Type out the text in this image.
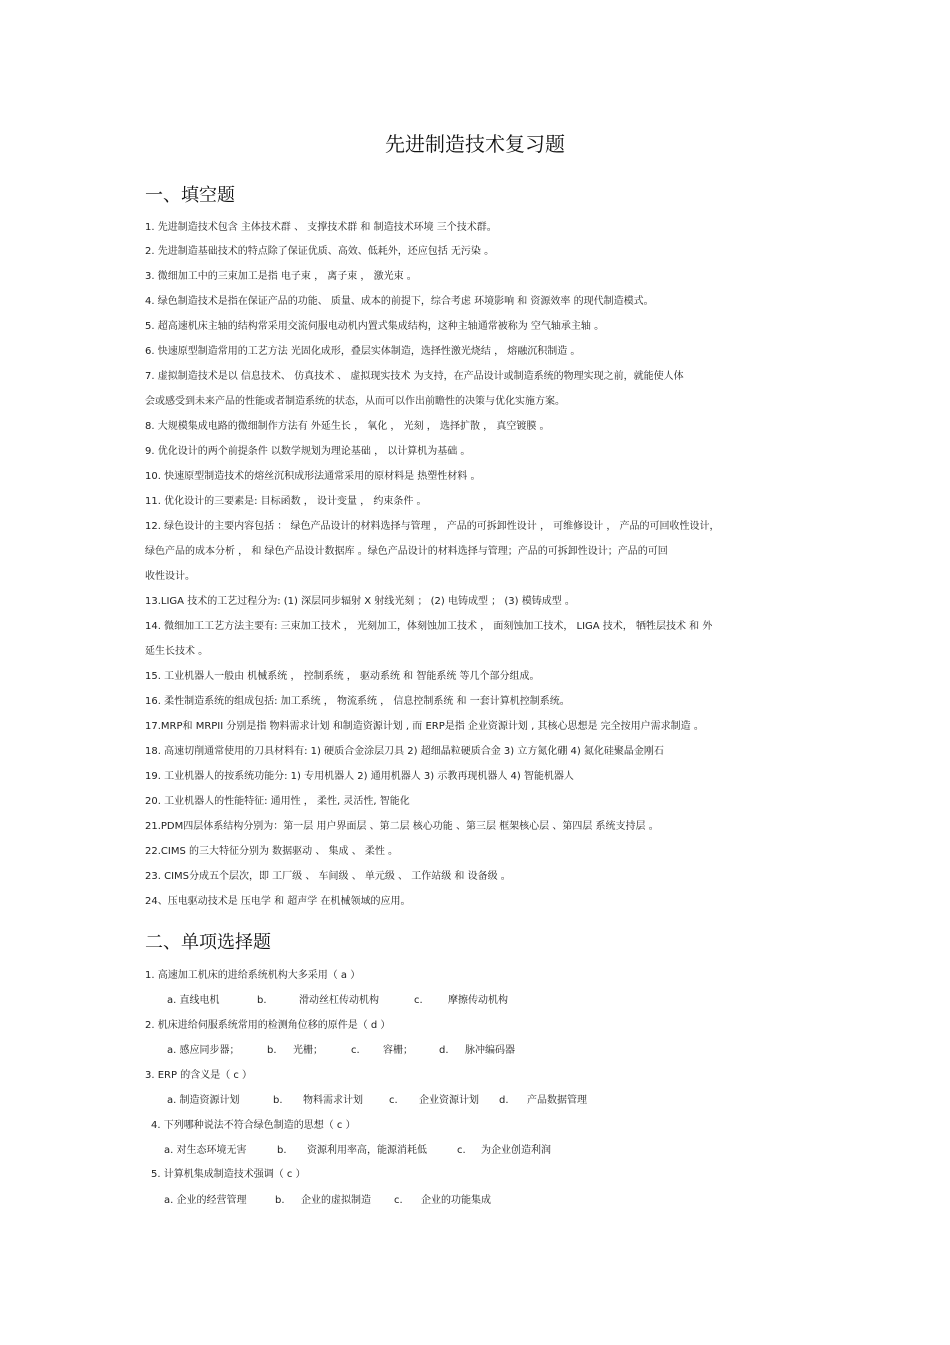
先进制造技术复习题
一、填空题
1. 先进制造技术包含 主体技术群 、 支撑技术群 和 制造技术环境 三个技术群。
2. 先进制造基础技术的特点除了保证优质、高效、低耗外，还应包括 无污染 。
3. 微细加工中的三束加工是指 电子束 ， 离子束 ， 激光束 。
4. 绿色制造技术是指在保证产品的功能、 质量、成本的前提下，综合考虑 环境影响 和 资源效率 的现代制造模式。
5. 超高速机床主轴的结构常采用交流伺服电动机内置式集成结构，这种主轴通常被称为 空气轴承主轴 。
6. 快速原型制造常用的工艺方法 光固化成形，叠层实体制造，选择性激光烧结 ， 熔融沉积制造 。
7. 虚拟制造技术是以 信息技术、 仿真技术 、 虚拟现实技术 为支持，在产品设计或制造系统的物理实现之前，就能使人体
会或感受到未来产品的性能或者制造系统的状态，从而可以作出前瞻性的决策与优化实施方案。
8. 大规模集成电路的微细制作方法有 外延生长 ， 氧化 ， 光刻 ， 选择扩散 ， 真空镀膜 。
9. 优化设计的两个前提条件 以数学规划为理论基础 ， 以计算机为基础 。
10. 快速原型制造技术的熔丝沉积成形法通常采用的原材料是 热塑性材料 。
11. 优化设计的三要素是: 目标函数 ， 设计变量 ， 约束条件 。
12. 绿色设计的主要内容包括 ： 绿色产品设计的材料选择与管理 ， 产品的可拆卸性设计 ， 可维修设计 ， 产品的可回收性设计，
绿色产品的成本分析 ， 和 绿色产品设计数据库 。绿色产品设计的材料选择与管理；产品的可拆卸性设计；产品的可回
收性设计。
13.LIGA 技术的工艺过程分为: (1) 深层同步辐射 X 射线光刻 ； (2) 电铸成型 ； (3) 模铸成型 。
14. 微细加工工艺方法主要有: 三束加工技术 ， 光刻加工，体刻蚀加工技术 ， 面刻蚀加工技术， LIGA 技术， 牺牲层技术 和 外
延生长技术 。
15. 工业机器人一般由 机械系统 ， 控制系统 ， 驱动系统 和 智能系统 等几个部分组成。
16. 柔性制造系统的组成包括: 加工系统 ， 物流系统 ， 信息控制系统 和 一套计算机控制系统。
17.MRP和 MRPII 分别是指 物料需求计划 和制造资源计划 , 而 ERP是指 企业资源计划 , 其核心思想是 完全按用户需求制造 。
18. 高速切削通常使用的刀具材料有: 1) 硬质合金涂层刀具 2) 超细晶粒硬质合金 3) 立方氮化硼 4) 氮化硅聚晶金刚石
19. 工业机器人的按系统功能分: 1) 专用机器人 2) 通用机器人 3) 示教再现机器人 4) 智能机器人
20. 工业机器人的性能特征: 通用性 ， 柔性, 灵活性, 智能化
21.PDM四层体系结构分别为：第一层 用户界面层 、第二层 核心功能 、第三层 框架核心层 、第四层 系统支持层 。
22.CIMS 的三大特征分别为 数据驱动 、 集成 、 柔性 。
23. CIMS分成五个层次，即 工厂级 、 车间级 、 单元级 、 工作站级 和 设备级 。
24、压电驱动技术是 压电学 和 超声学 在机械领域的应用。
二、单项选择题
1. 高速加工机床的进给系统机构大多采用（ a ）
a. 直线电机	b.	滑动丝杠传动机构	c.	摩擦传动机构
2. 机床进给伺服系统常用的检测角位移的原件是（ d ）
a. 感应同步器；	b. 光栅；	c. 容栅；	d. 脉冲编码器
3. ERP 的含义是（ c ）
a. 制造资源计划	b. 物料需求计划	c. 企业资源计划 d. 产品数据管理
4. 下列哪种说法不符合绿色制造的思想（ c ）
a. 对生态环境无害	b. 资源利用率高，能源消耗低	c. 为企业创造利润
5. 计算机集成制造技术强调（ c ）
a. 企业的经营管理	b. 企业的虚拟制造 c. 企业的功能集成
